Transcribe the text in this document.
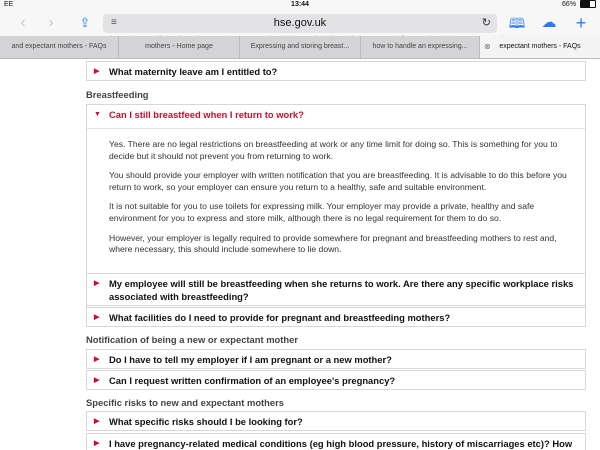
EE	13:44	66%
‹	›	⇪	≡	hse.gov.uk	↻ 🕮 ☁	+
and expectant mothers - FAQs	mothers - Home page	Expressing and storing breast...	how to handle an expressing...	⊗ expectant mothers - FAQs
▶ What maternity leave am I entitled to?
Breastfeeding
▼ Can I still breastfeed when I return to work?

Yes. There are no legal restrictions on breastfeeding at work or any time limit for doing so. This is something for you to decide but it should not prevent you from returning to work.

You should provide your employer with written notification that you are breastfeeding. It is advisable to do this before you return to work, so your employer can ensure you return to a healthy, safe and suitable environment.

It is not suitable for you to use toilets for expressing milk. Your employer may provide a private, healthy and safe environment for you to express and store milk, although there is no legal requirement for them to do so.

However, your employer is legally required to provide somewhere for pregnant and breastfeeding mothers to rest and, where necessary, this should include somewhere to lie down.

▶ My employee will still be breastfeeding when she returns to work. Are there any specific workplace risks associated with breastfeeding?
▶ What facilities do I need to provide for pregnant and breastfeeding mothers?
Notification of being a new or expectant mother
▶ Do I have to tell my employer if I am pregnant or a new mother?
▶ Can I request written confirmation of an employee's pregnancy?
Specific risks to new and expectant mothers
▶ What specific risks should I be looking for?
▶ I have pregnancy-related medical conditions (eg high blood pressure, history of miscarriages etc)? How
